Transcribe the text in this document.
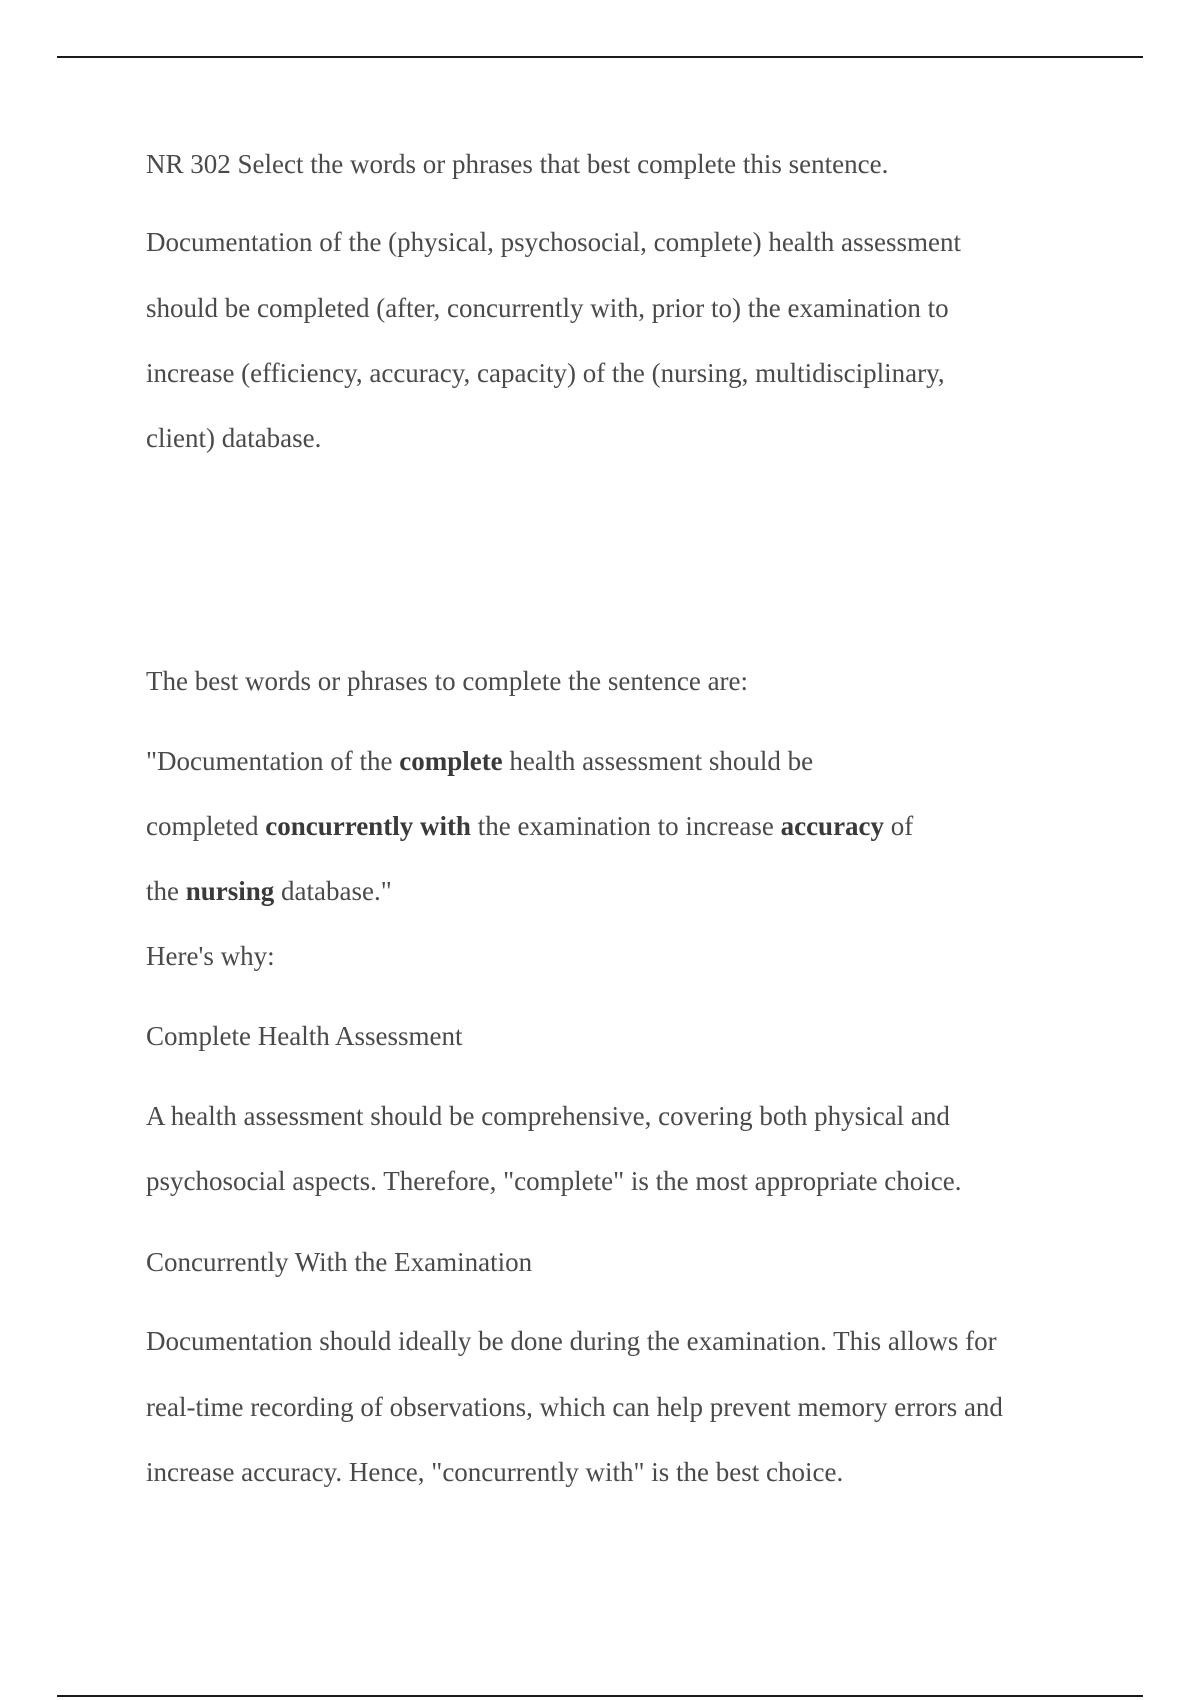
NR 302 Select the words or phrases that best complete this sentence.

Documentation of the (physical, psychosocial, complete) health assessment

should be completed (after, concurrently with, prior to) the examination to

increase (efficiency, accuracy, capacity) of the (nursing, multidisciplinary,

client) database.

The best words or phrases to complete the sentence are:

"Documentation of the complete health assessment should be

completed concurrently with the examination to increase accuracy of

the nursing database."

Here's why:

Complete Health Assessment

A health assessment should be comprehensive, covering both physical and

psychosocial aspects. Therefore, "complete" is the most appropriate choice.

Concurrently With the Examination

Documentation should ideally be done during the examination. This allows for

real-time recording of observations, which can help prevent memory errors and

increase accuracy. Hence, "concurrently with" is the best choice.
